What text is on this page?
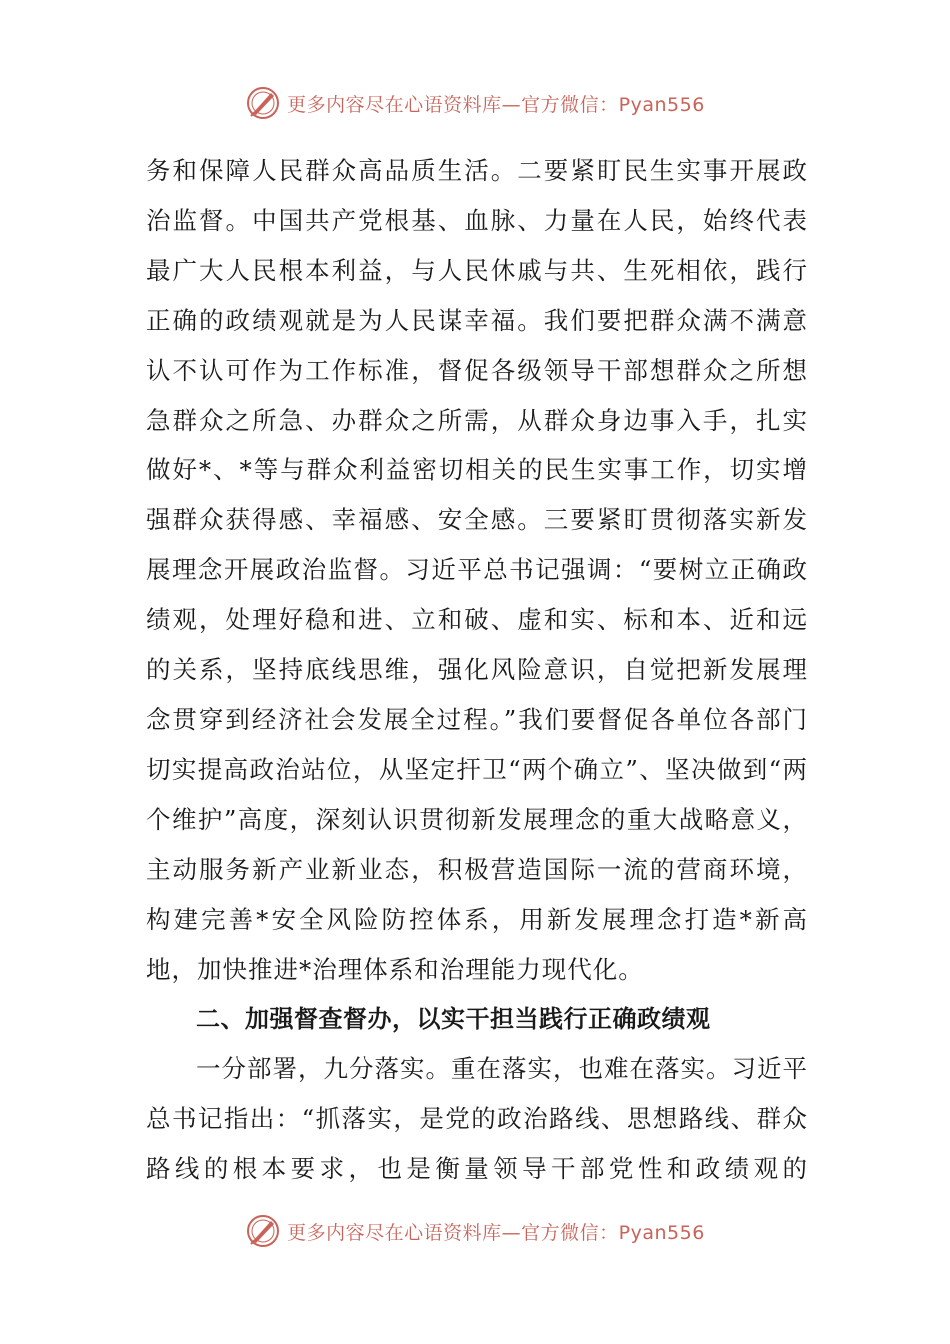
更多内容尽在心语资料库—官方微信：Pyan556

务和保障人民群众高品质生活。二要紧盯民生实事开展政治监督。中国共产党根基、血脉、力量在人民，始终代表最广大人民根本利益，与人民休戚与共、生死相依，践行正确的政绩观就是为人民谋幸福。我们要把群众满不满意认不认可作为工作标准，督促各级领导干部想群众之所想急群众之所急、办群众之所需，从群众身边事入手，扎实做好*、*等与群众利益密切相关的民生实事工作，切实增强群众获得感、幸福感、安全感。三要紧盯贯彻落实新发展理念开展政治监督。习近平总书记强调：“要树立正确政绩观，处理好稳和进、立和破、虚和实、标和本、近和远的关系，坚持底线思维，强化风险意识，自觉把新发展理念贯穿到经济社会发展全过程。”我们要督促各单位各部门切实提高政治站位，从坚定扞卫“两个确立”、坚决做到“两个维护”高度，深刻认识贯彻新发展理念的重大战略意义，主动服务新产业新业态，积极营造国际一流的营商环境，构建完善*安全风险防控体系，用新发展理念打造*新高地，加快推进*治理体系和治理能力现代化。

二、加强督查督办，以实干担当践行正确政绩观

一分部署，九分落实。重在落实，也难在落实。习近平总书记指出：“抓落实，是党的政治路线、思想路线、群众路线的根本要求，也是衡量领导干部党性和政绩观的

更多内容尽在心语资料库—官方微信：Pyan556
